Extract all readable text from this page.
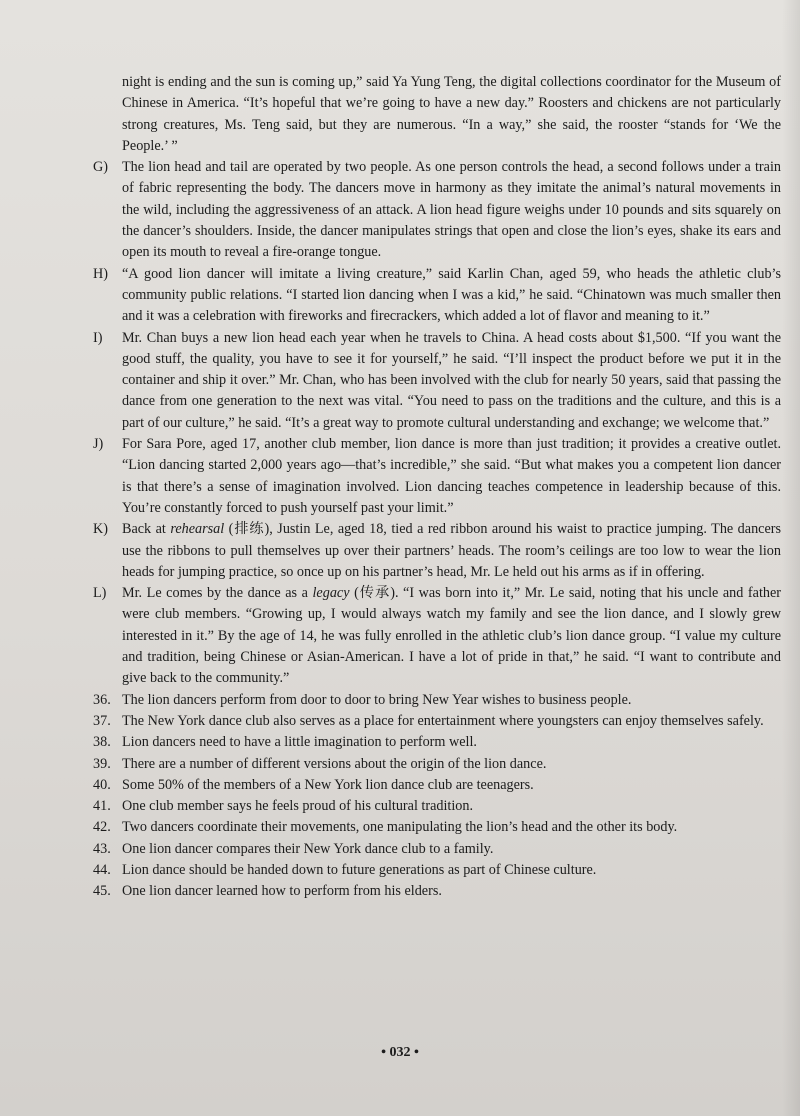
night is ending and the sun is coming up,” said Ya Yung Teng, the digital collections coordinator for the Museum of Chinese in America. “It’s hopeful that we’re going to have a new day.” Roosters and chickens are not particularly strong creatures, Ms. Teng said, but they are numerous. “In a way,” she said, the rooster “stands for ‘We the People.’ ”

G) The lion head and tail are operated by two people. As one person controls the head, a second follows under a train of fabric representing the body. The dancers move in harmony as they imitate the animal’s natural movements in the wild, including the aggressiveness of an attack. A lion head figure weighs under 10 pounds and sits squarely on the dancer’s shoulders. Inside, the dancer manipulates strings that open and close the lion’s eyes, shake its ears and open its mouth to reveal a fire-orange tongue.

H) “A good lion dancer will imitate a living creature,” said Karlin Chan, aged 59, who heads the athletic club’s community public relations. “I started lion dancing when I was a kid,” he said. “Chinatown was much smaller then and it was a celebration with fireworks and firecrackers, which added a lot of flavor and meaning to it.”

I)	Mr. Chan buys a new lion head each year when he travels to China. A head costs about $1,500. “If you want the good stuff, the quality, you have to see it for yourself,” he said. “I’ll inspect the product before we put it in the container and ship it over.” Mr. Chan, who has been involved with the club for nearly 50 years, said that passing the dance from one generation to the next was vital. “You need to pass on the traditions and the culture, and this is a part of our culture,” he said. “It’s a great way to promote cultural understanding and exchange; we welcome that.”

J)	For Sara Pore, aged 17, another club member, lion dance is more than just tradition; it provides a creative outlet. “Lion dancing started 2,000 years ago—that’s incredible,” she said. “But what makes you a competent lion dancer is that there’s a sense of imagination involved. Lion dancing teaches competence in leadership because of this. You’re constantly forced to push yourself past your limit.”

K) Back at rehearsal (排练), Justin Le, aged 18, tied a red ribbon around his waist to practice jumping. The dancers use the ribbons to pull themselves up over their partners’ heads. The room’s ceilings are too low to wear the lion heads for jumping practice, so once up on his partner’s head, Mr. Le held out his arms as if in offering.

L)	Mr. Le comes by the dance as a legacy (传承). “I was born into it,” Mr. Le said, noting that his uncle and father were club members. “Growing up, I would always watch my family and see the lion dance, and I slowly grew interested in it.” By the age of 14, he was fully enrolled in the athletic club’s lion dance group. “I value my culture and tradition, being Chinese or Asian-American. I have a lot of pride in that,” he said. “I want to contribute and give back to the community.”

36. The lion dancers perform from door to door to bring New Year wishes to business people.

37. The New York dance club also serves as a place for entertainment where youngsters can enjoy themselves safely.

38. Lion dancers need to have a little imagination to perform well.

39. There are a number of different versions about the origin of the lion dance.

40. Some 50% of the members of a New York lion dance club are teenagers.

41. One club member says he feels proud of his cultural tradition.

42. Two dancers coordinate their movements, one manipulating the lion’s head and the other its body.

43. One lion dancer compares their New York dance club to a family.

44. Lion dance should be handed down to future generations as part of Chinese culture.

45. One lion dancer learned how to perform from his elders.

• 032 •
